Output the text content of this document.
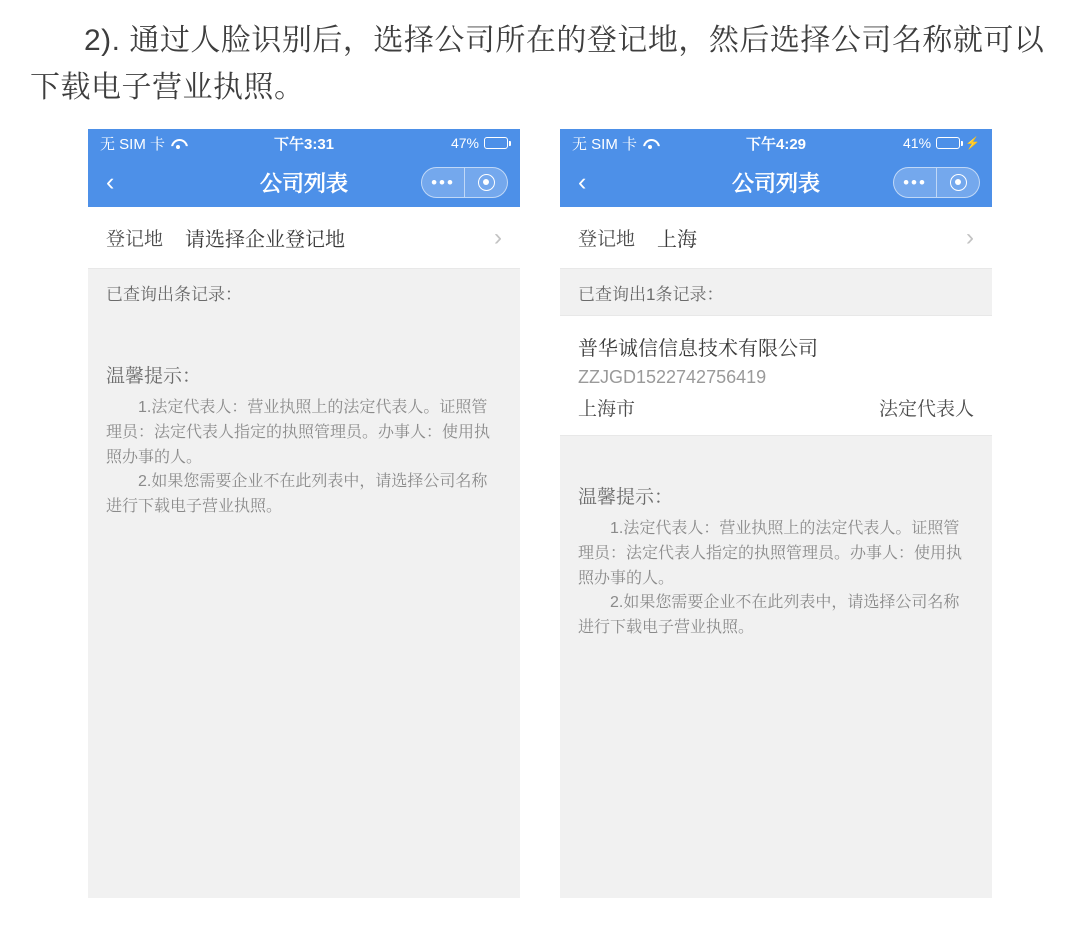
2). 通过人脸识别后，选择公司所在的登记地，然后选择公司名称就可以下载电子营业执照。
无 SIM 卡	下午3:31	47%
‹	公司列表	•••
登记地 请选择企业登记地	›
已查询出条记录：
温馨提示：
1.法定代表人：营业执照上的法定代表人。证照管理员：法定代表人指定的执照管理员。办事人：使用执照办事的人。
2.如果您需要企业不在此列表中，请选择公司名称进行下载电子营业执照。
无 SIM 卡	下午4:29	41%	⚡
‹	公司列表	•••
登记地 上海	›
已查询出1条记录：
普华诚信信息技术有限公司
ZZJGD1522742756419
上海市	法定代表人
温馨提示：
1.法定代表人：营业执照上的法定代表人。证照管理员：法定代表人指定的执照管理员。办事人：使用执照办事的人。
2.如果您需要企业不在此列表中，请选择公司名称进行下载电子营业执照。
